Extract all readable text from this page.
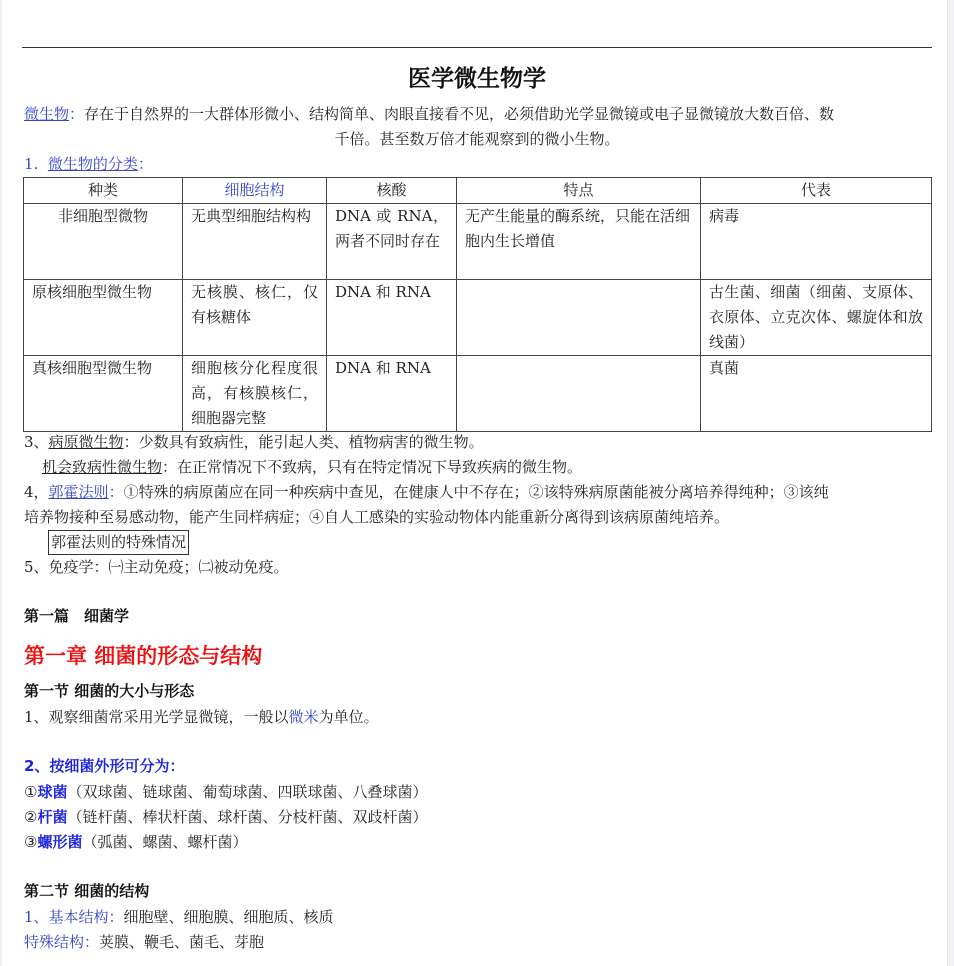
医学微生物学
微生物：存在于自然界的一大群体形微小、结构简单、肉眼直接看不见，必须借助光学显微镜或电子显微镜放大数百倍、数
千倍。甚至数万倍才能观察到的微小生物。
1. 微生物的分类：
种类	细胞结构	核酸	特点	代表
非细胞型微物	无典型细胞结构构	DNA 或 RNA，两者不同时存在	无产生能量的酶系统，只能在活细胞内生长增值	病毒
原核细胞型微生物	无核膜、核仁，仅有核糖体	DNA 和 RNA		古生菌、细菌（细菌、支原体、衣原体、立克次体、螺旋体和放线菌）
真核细胞型微生物	细胞核分化程度很高，有核膜核仁，细胞器完整	DNA 和 RNA		真菌
3、病原微生物：少数具有致病性，能引起人类、植物病害的微生物。
机会致病性微生物：在正常情况下不致病，只有在特定情况下导致疾病的微生物。
4，郭霍法则：①特殊的病原菌应在同一种疾病中查见，在健康人中不存在；②该特殊病原菌能被分离培养得纯种；③该纯
培养物接种至易感动物，能产生同样病症；④自人工感染的实验动物体内能重新分离得到该病原菌纯培养。
郭霍法则的特殊情况
5、免疫学：㈠主动免疫；㈡被动免疫。
第一篇　细菌学
第一章 细菌的形态与结构
第一节 细菌的大小与形态
1、观察细菌常采用光学显微镜，一般以微米为单位。
2、按细菌外形可分为：
①球菌（双球菌、链球菌、葡萄球菌、四联球菌、八叠球菌）
②杆菌（链杆菌、棒状杆菌、球杆菌、分枝杆菌、双歧杆菌）
③螺形菌（弧菌、螺菌、螺杆菌）
第二节 细菌的结构
1、基本结构：细胞壁、细胞膜、细胞质、核质
特殊结构：荚膜、鞭毛、菌毛、芽胞
